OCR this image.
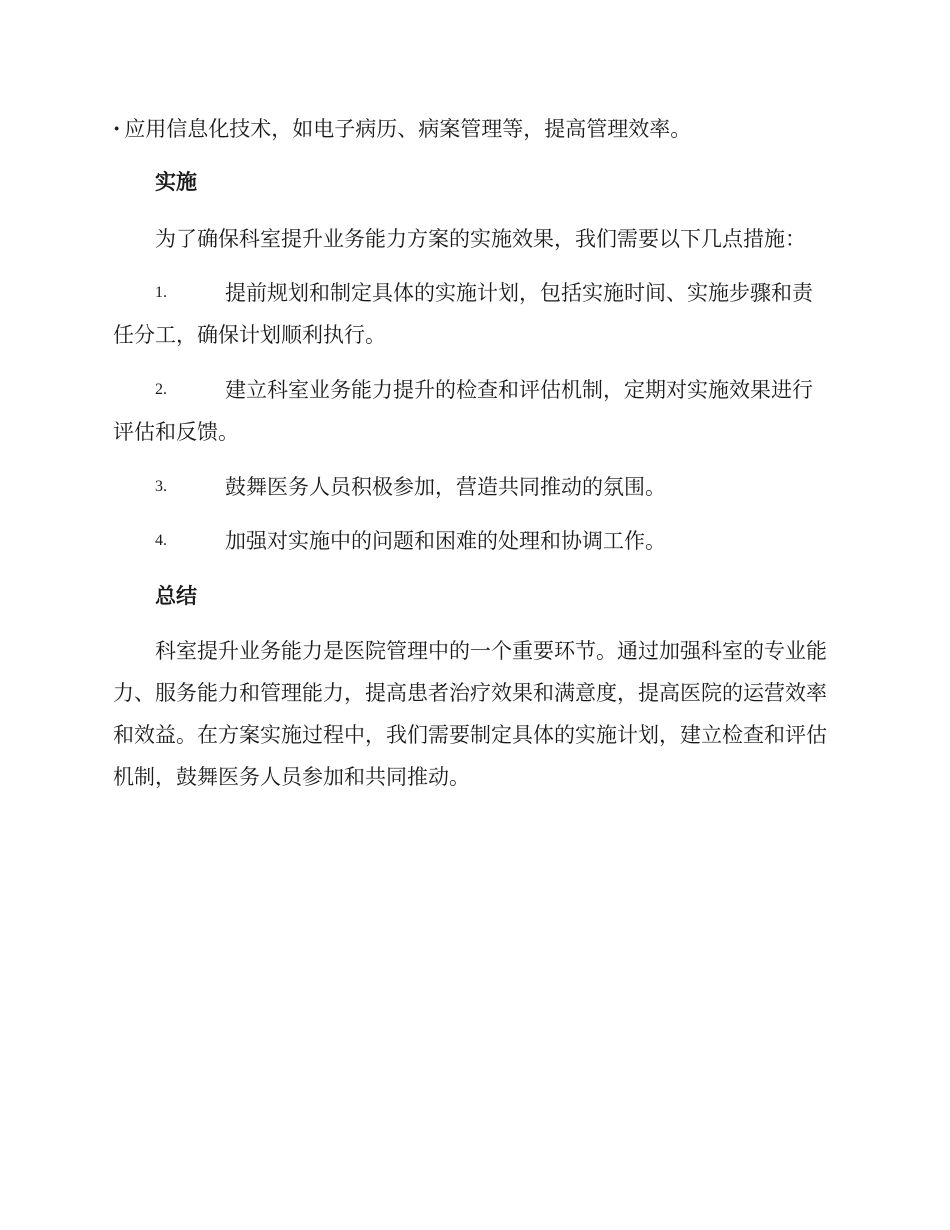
· 应用信息化技术，如电子病历、病案管理等，提高管理效率。
实施

为了确保科室提升业务能力方案的实施效果，我们需要以下几点措施：

1.	提前规划和制定具体的实施计划，包括实施时间、实施步骤和责任分工，确保计划顺利执行。
2.	建立科室业务能力提升的检查和评估机制，定期对实施效果进行评估和反馈。
3.	鼓舞医务人员积极参加，营造共同推动的氛围。
4.	加强对实施中的问题和困难的处理和协调工作。
总结

科室提升业务能力是医院管理中的一个重要环节。通过加强科室的专业能力、服务能力和管理能力，提高患者治疗效果和满意度，提高医院的运营效率和效益。在方案实施过程中，我们需要制定具体的实施计划，建立检查和评估机制，鼓舞医务人员参加和共同推动。
